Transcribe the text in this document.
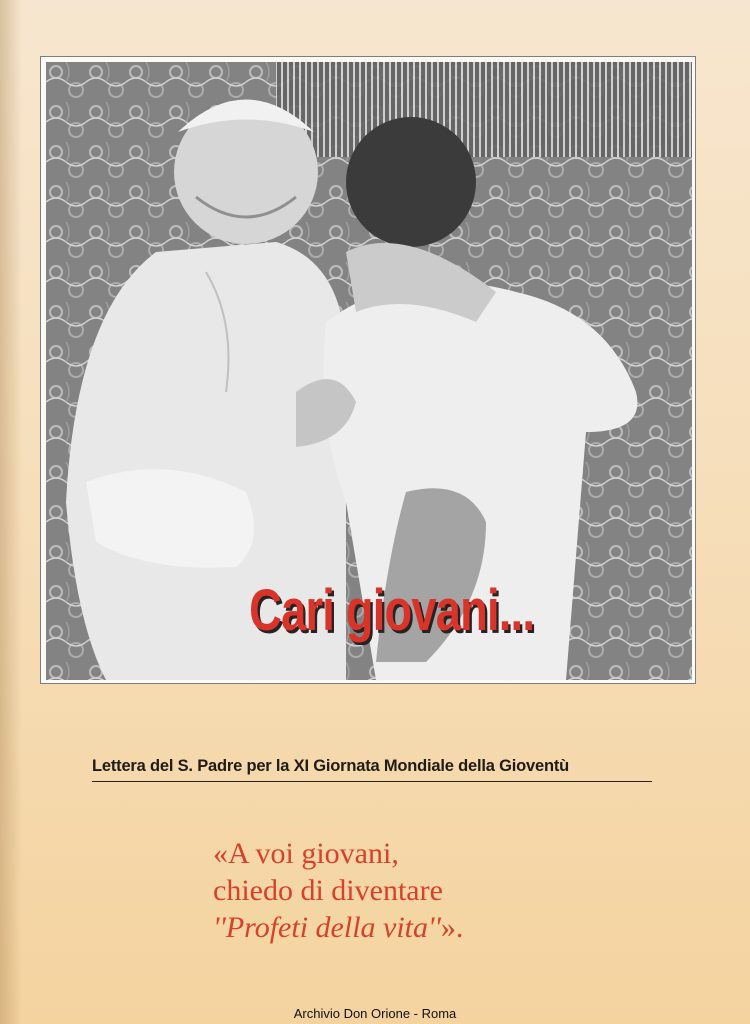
Cari giovani...
Lettera del S. Padre per la XI Giornata Mondiale della Gioventù
«A voi giovani,
chiedo di diventare
''Profeti della vita''».
Archivio Don Orione - Roma
